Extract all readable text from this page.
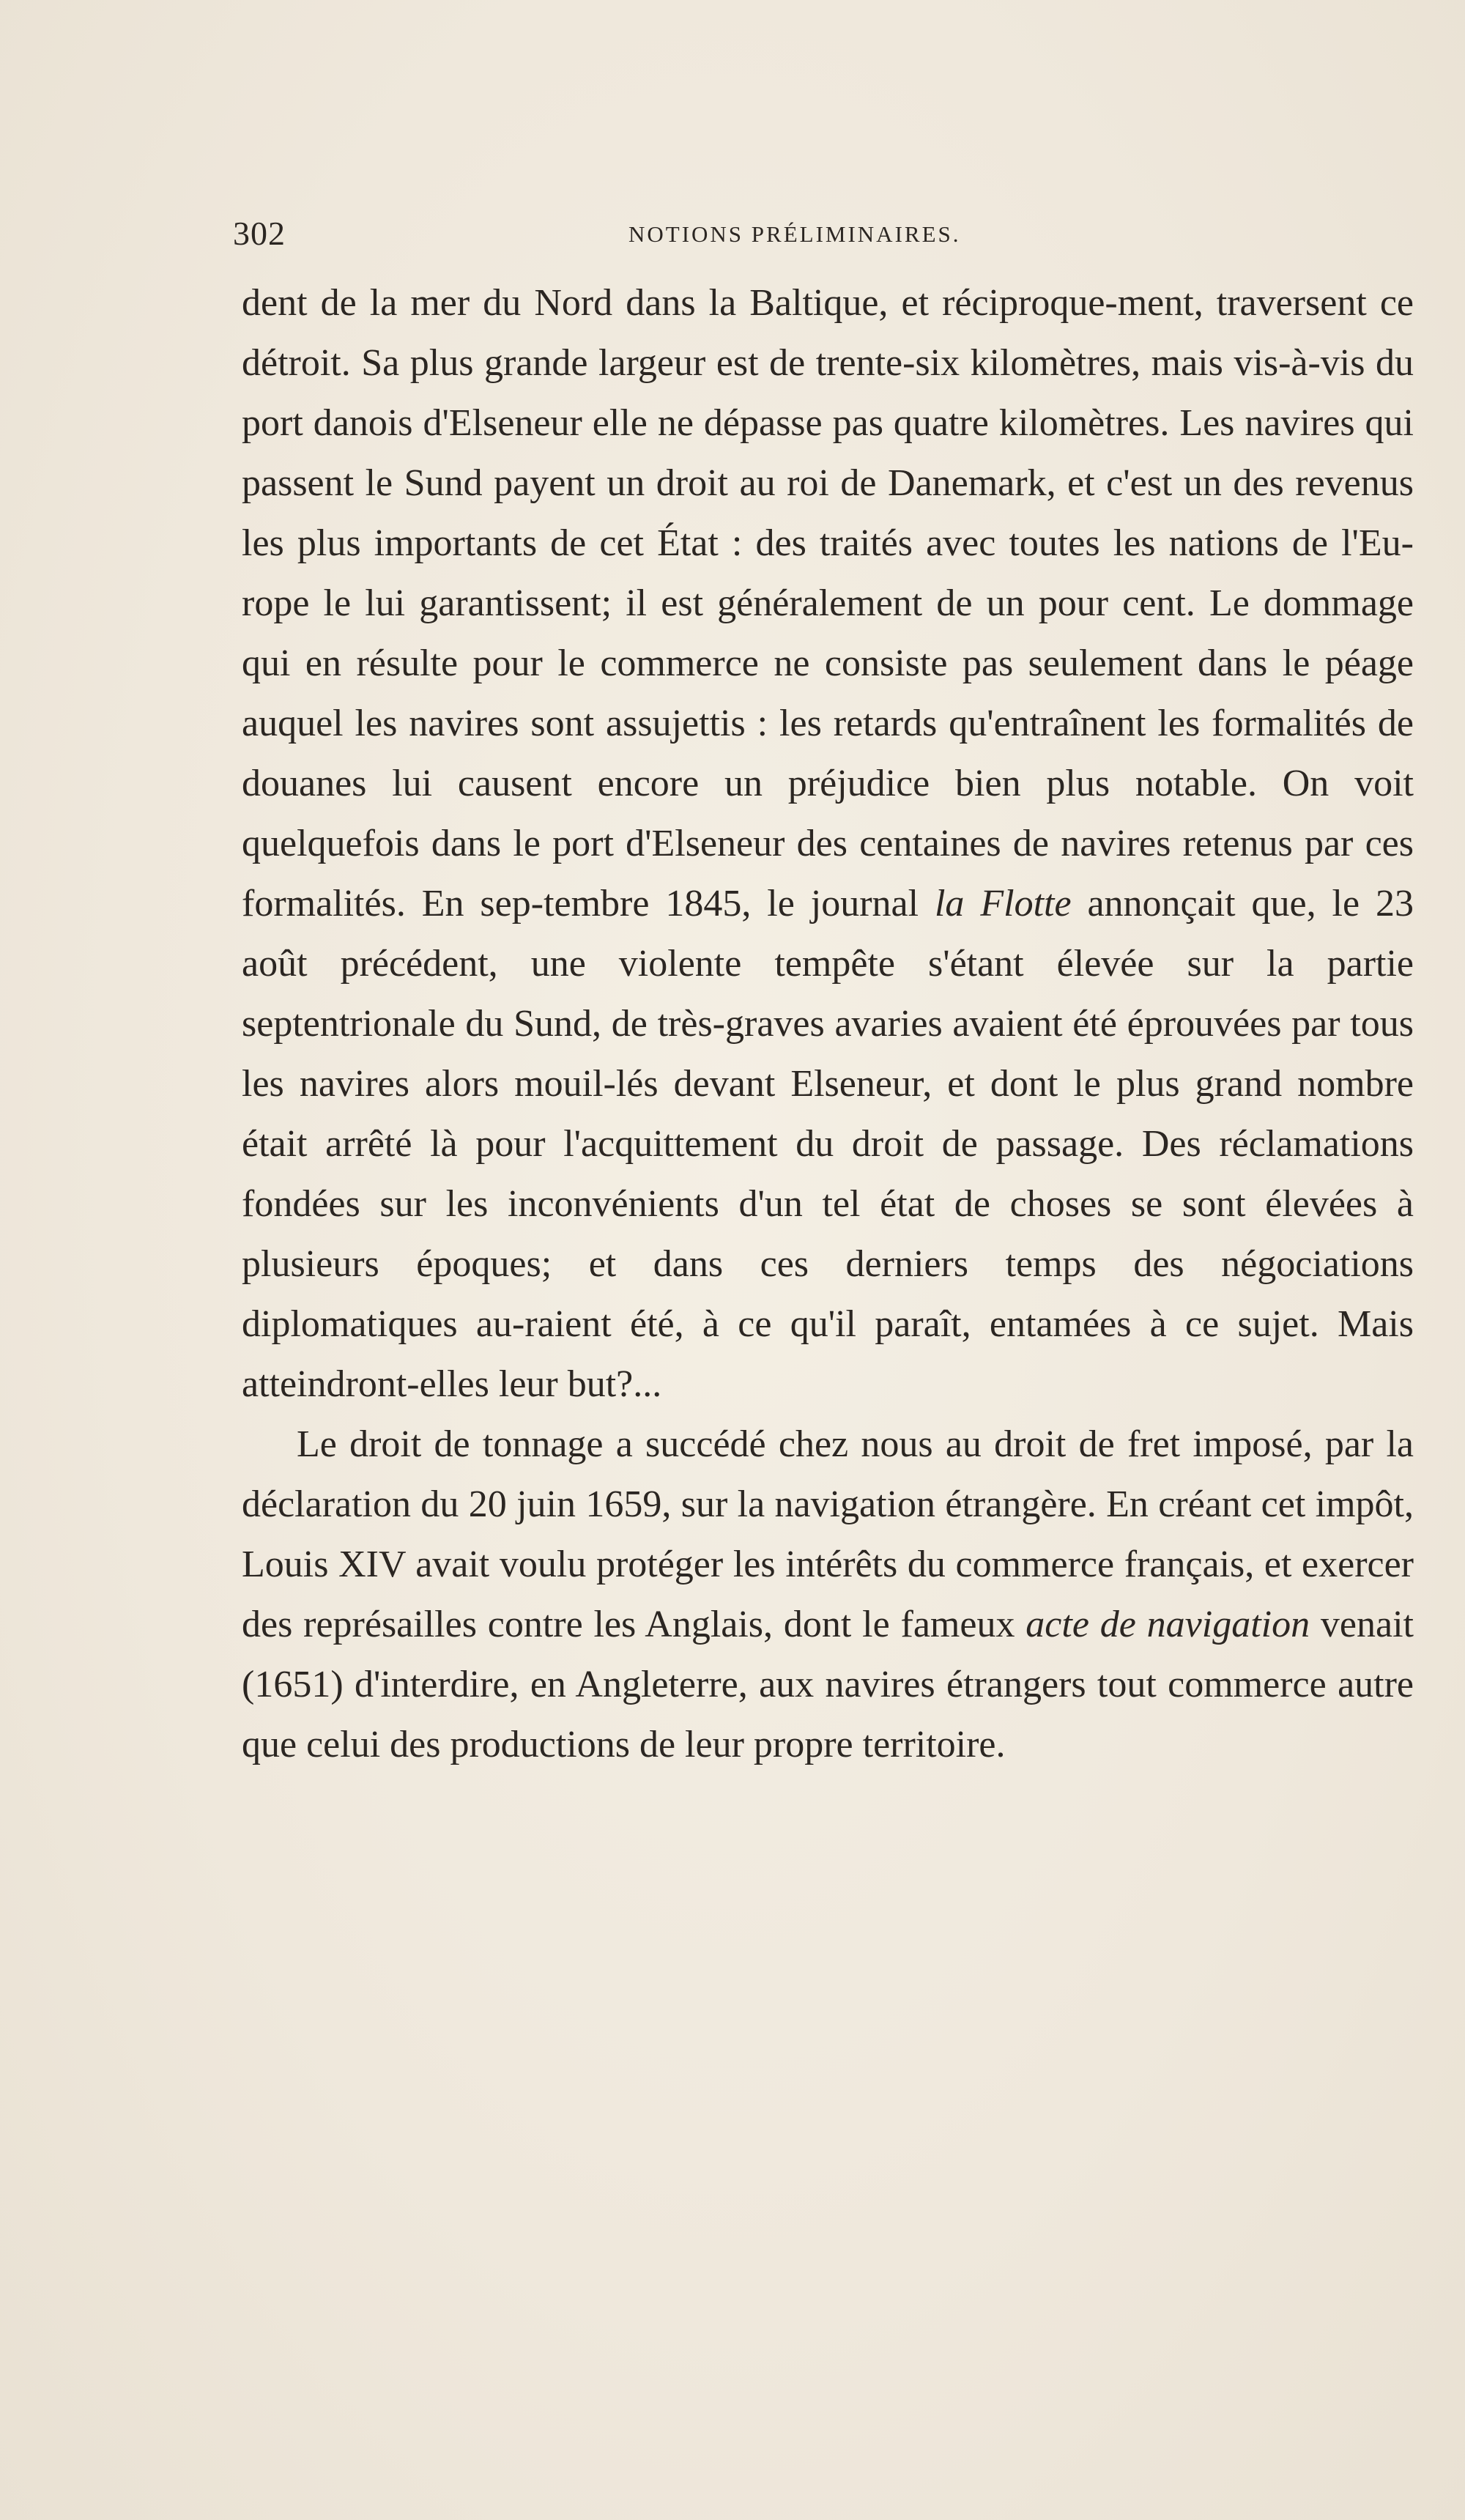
302	NOTIONS PRÉLIMINAIRES.

dent de la mer du Nord dans la Baltique, et réciproque-ment, traversent ce détroit. Sa plus grande largeur est de trente-six kilomètres, mais vis-à-vis du port danois d'Elseneur elle ne dépasse pas quatre kilomètres. Les navires qui passent le Sund payent un droit au roi de Danemark, et c'est un des revenus les plus importants de cet État : des traités avec toutes les nations de l'Eu-rope le lui garantissent; il est généralement de un pour cent. Le dommage qui en résulte pour le commerce ne consiste pas seulement dans le péage auquel les navires sont assujettis : les retards qu'entraînent les formalités de douanes lui causent encore un préjudice bien plus notable. On voit quelquefois dans le port d'Elseneur des centaines de navires retenus par ces formalités. En sep-tembre 1845, le journal la Flotte annonçait que, le 23 août précédent, une violente tempête s'étant élevée sur la partie septentrionale du Sund, de très-graves avaries avaient été éprouvées par tous les navires alors mouil-lés devant Elseneur, et dont le plus grand nombre était arrêté là pour l'acquittement du droit de passage. Des réclamations fondées sur les inconvénients d'un tel état de choses se sont élevées à plusieurs époques; et dans ces derniers temps des négociations diplomatiques au-raient été, à ce qu'il paraît, entamées à ce sujet. Mais atteindront-elles leur but?...

Le droit de tonnage a succédé chez nous au droit de fret imposé, par la déclaration du 20 juin 1659, sur la navigation étrangère. En créant cet impôt, Louis XIV avait voulu protéger les intérêts du commerce français, et exercer des représailles contre les Anglais, dont le fameux acte de navigation venait (1651) d'interdire, en Angleterre, aux navires étrangers tout commerce autre que celui des productions de leur propre territoire.
